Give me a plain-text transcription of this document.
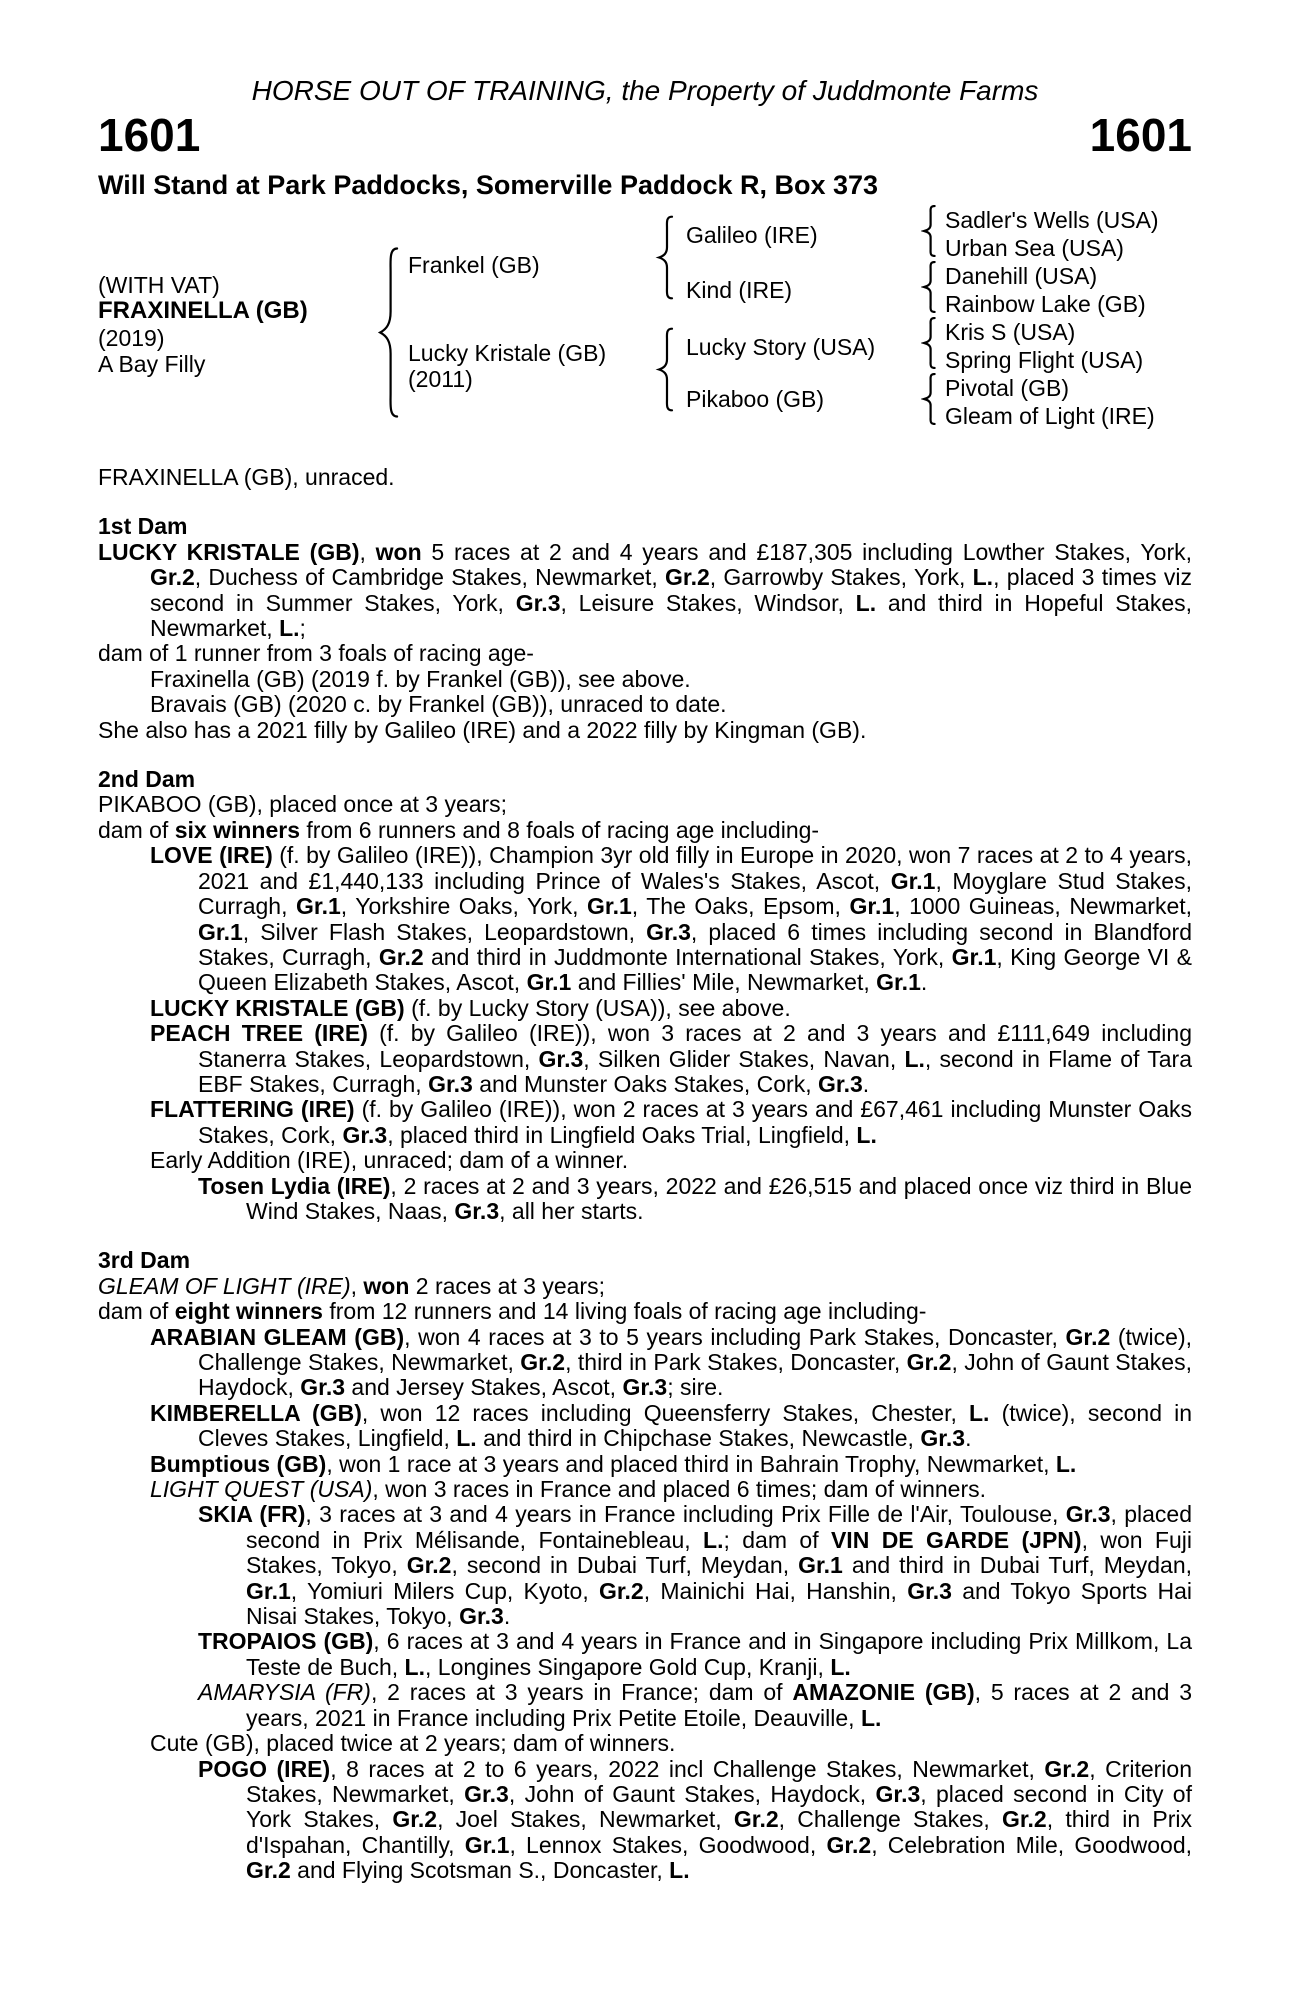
HORSE OUT OF TRAINING, the Property of Juddmonte Farms
1601	1601
Will Stand at Park Paddocks, Somerville Paddock R, Box 373
(WITH VAT)
FRAXINELLA (GB)
(2019)
A Bay Filly
Frankel (GB)
Lucky Kristale (GB)
(2011)
Galileo (IRE)
Kind (IRE)
Lucky Story (USA)
Pikaboo (GB)
Sadler's Wells (USA)
Urban Sea (USA)
Danehill (USA)
Rainbow Lake (GB)
Kris S (USA)
Spring Flight (USA)
Pivotal (GB)
Gleam of Light (IRE)
FRAXINELLA (GB), unraced.
1st Dam
LUCKY KRISTALE (GB), won 5 races at 2 and 4 years and £187,305 including Lowther Stakes, York, Gr.2, Duchess of Cambridge Stakes, Newmarket, Gr.2, Garrowby Stakes, York, L., placed 3 times viz second in Summer Stakes, York, Gr.3, Leisure Stakes, Windsor, L. and third in Hopeful Stakes, Newmarket, L.;
dam of 1 runner from 3 foals of racing age-
Fraxinella (GB) (2019 f. by Frankel (GB)), see above.
Bravais (GB) (2020 c. by Frankel (GB)), unraced to date.
She also has a 2021 filly by Galileo (IRE) and a 2022 filly by Kingman (GB).
2nd Dam
PIKABOO (GB), placed once at 3 years;
dam of six winners from 6 runners and 8 foals of racing age including-
LOVE (IRE) (f. by Galileo (IRE)), Champion 3yr old filly in Europe in 2020, won 7 races at 2 to 4 years, 2021 and £1,440,133 including Prince of Wales's Stakes, Ascot, Gr.1, Moyglare Stud Stakes, Curragh, Gr.1, Yorkshire Oaks, York, Gr.1, The Oaks, Epsom, Gr.1, 1000 Guineas, Newmarket, Gr.1, Silver Flash Stakes, Leopardstown, Gr.3, placed 6 times including second in Blandford Stakes, Curragh, Gr.2 and third in Juddmonte International Stakes, York, Gr.1, King George VI & Queen Elizabeth Stakes, Ascot, Gr.1 and Fillies' Mile, Newmarket, Gr.1.
LUCKY KRISTALE (GB) (f. by Lucky Story (USA)), see above.
PEACH TREE (IRE) (f. by Galileo (IRE)), won 3 races at 2 and 3 years and £111,649 including Stanerra Stakes, Leopardstown, Gr.3, Silken Glider Stakes, Navan, L., second in Flame of Tara EBF Stakes, Curragh, Gr.3 and Munster Oaks Stakes, Cork, Gr.3.
FLATTERING (IRE) (f. by Galileo (IRE)), won 2 races at 3 years and £67,461 including Munster Oaks Stakes, Cork, Gr.3, placed third in Lingfield Oaks Trial, Lingfield, L.
Early Addition (IRE), unraced; dam of a winner.
Tosen Lydia (IRE), 2 races at 2 and 3 years, 2022 and £26,515 and placed once viz third in Blue Wind Stakes, Naas, Gr.3, all her starts.
3rd Dam
GLEAM OF LIGHT (IRE), won 2 races at 3 years;
dam of eight winners from 12 runners and 14 living foals of racing age including-
ARABIAN GLEAM (GB), won 4 races at 3 to 5 years including Park Stakes, Doncaster, Gr.2 (twice), Challenge Stakes, Newmarket, Gr.2, third in Park Stakes, Doncaster, Gr.2, John of Gaunt Stakes, Haydock, Gr.3 and Jersey Stakes, Ascot, Gr.3; sire.
KIMBERELLA (GB), won 12 races including Queensferry Stakes, Chester, L. (twice), second in Cleves Stakes, Lingfield, L. and third in Chipchase Stakes, Newcastle, Gr.3.
Bumptious (GB), won 1 race at 3 years and placed third in Bahrain Trophy, Newmarket, L.
LIGHT QUEST (USA), won 3 races in France and placed 6 times; dam of winners.
SKIA (FR), 3 races at 3 and 4 years in France including Prix Fille de l'Air, Toulouse, Gr.3, placed second in Prix Mélisande, Fontainebleau, L.; dam of VIN DE GARDE (JPN), won Fuji Stakes, Tokyo, Gr.2, second in Dubai Turf, Meydan, Gr.1 and third in Dubai Turf, Meydan, Gr.1, Yomiuri Milers Cup, Kyoto, Gr.2, Mainichi Hai, Hanshin, Gr.3 and Tokyo Sports Hai Nisai Stakes, Tokyo, Gr.3.
TROPAIOS (GB), 6 races at 3 and 4 years in France and in Singapore including Prix Millkom, La Teste de Buch, L., Longines Singapore Gold Cup, Kranji, L.
AMARYSIA (FR), 2 races at 3 years in France; dam of AMAZONIE (GB), 5 races at 2 and 3 years, 2021 in France including Prix Petite Etoile, Deauville, L.
Cute (GB), placed twice at 2 years; dam of winners.
POGO (IRE), 8 races at 2 to 6 years, 2022 incl Challenge Stakes, Newmarket, Gr.2, Criterion Stakes, Newmarket, Gr.3, John of Gaunt Stakes, Haydock, Gr.3, placed second in City of York Stakes, Gr.2, Joel Stakes, Newmarket, Gr.2, Challenge Stakes, Gr.2, third in Prix d'Ispahan, Chantilly, Gr.1, Lennox Stakes, Goodwood, Gr.2, Celebration Mile, Goodwood, Gr.2 and Flying Scotsman S., Doncaster, L.
